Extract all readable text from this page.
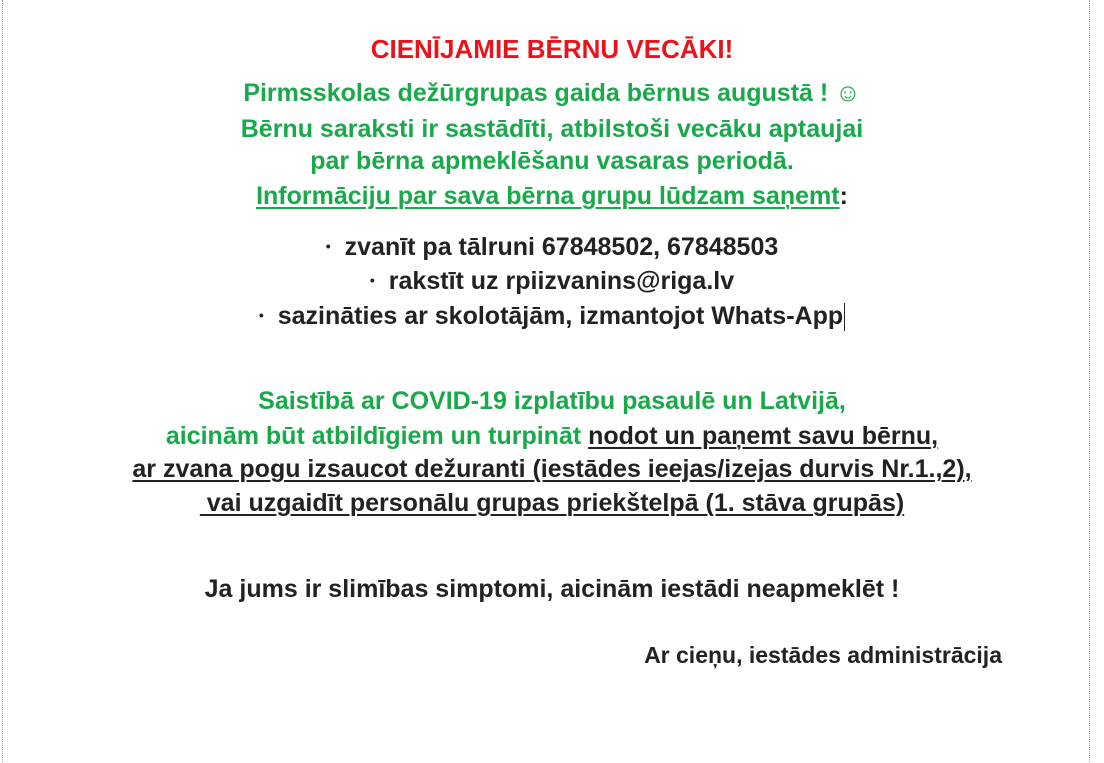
CIENĪJAMIE BĒRNU VECĀKI!
Pirmsskolas dežūrgrupas gaida bērnus augustā ! ☺
Bērnu saraksti ir sastādīti, atbilstoši vecāku aptaujai
par bērna apmeklēšanu vasaras periodā.
Informāciju par sava bērna grupu lūdzam saņemt:
• zvanīt pa tālruni 67848502, 67848503
• rakstīt uz rpiizvanins@riga.lv
• sazināties ar skolotājām, izmantojot Whats-App
Saistībā ar COVID-19 izplatību pasaulē un Latvijā,
aicinām būt atbildīgiem un turpināt nodot un paņemt savu bērnu,
ar zvana pogu izsaucot dežuranti (iestādes ieejas/izejas durvis Nr.1.,2),
vai uzgaidīt personālu grupas priekštelpā (1. stāva grupās)
Ja jums ir slimības simptomi, aicinām iestādi neapmeklēt !
Ar cieņu, iestādes administrācija
